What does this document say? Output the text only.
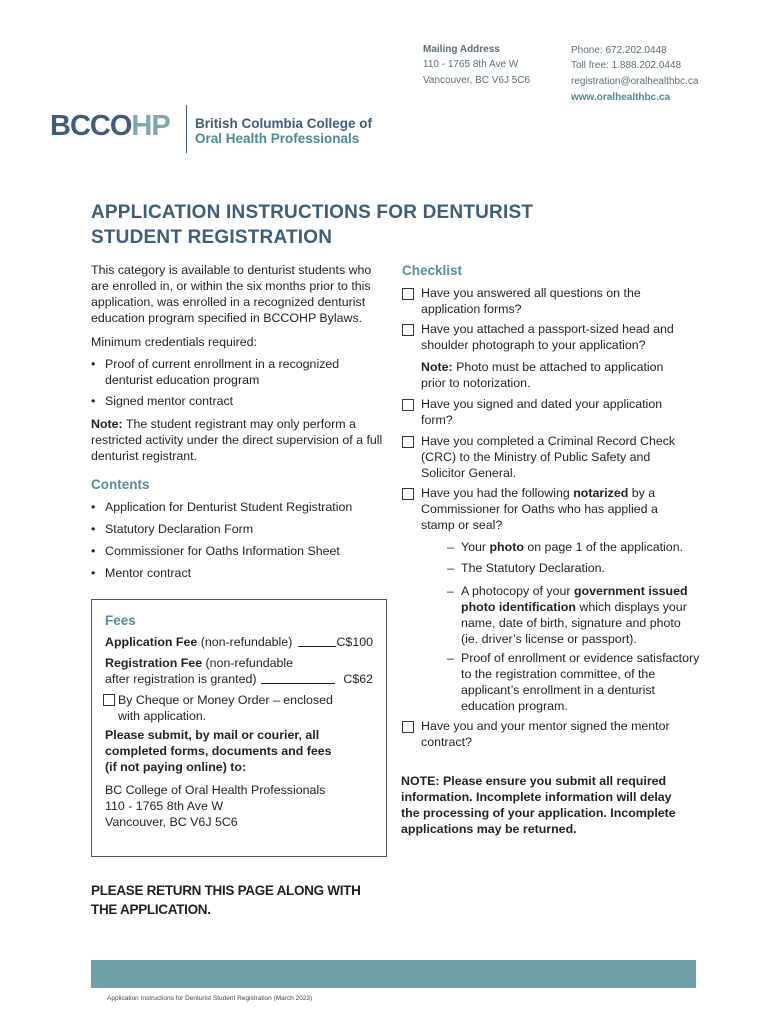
Mailing Address
110 - 1765 8th Ave W
Vancouver, BC V6J 5C6
Phone: 672.202.0448
Toll free: 1.888.202.0448
registration@oralhealthbc.ca
www.oralhealthbc.ca
BCCOHP British Columbia College of
Oral Health Professionals
APPLICATION INSTRUCTIONS FOR DENTURIST
STUDENT REGISTRATION
This category is available to denturist students who are enrolled in, or within the six months prior to this application, was enrolled in a recognized denturist education program specified in BCCOHP Bylaws.
Minimum credentials required:
• Proof of current enrollment in a recognized denturist education program
• Signed mentor contract
Note: The student registrant may only perform a restricted activity under the direct supervision of a full denturist registrant.
Contents
• Application for Denturist Student Registration
• Statutory Declaration Form
• Commissioner for Oaths Information Sheet
• Mentor contract
Fees
Application Fee (non-refundable)	C$100
Registration Fee (non-refundable
after registration is granted)	C$62
By Cheque or Money Order – enclosed
with application.
Please submit, by mail or courier, all
completed forms, documents and fees
(if not paying online) to:
BC College of Oral Health Professionals
110 - 1765 8th Ave W
Vancouver, BC V6J 5C6
PLEASE RETURN THIS PAGE ALONG WITH
THE APPLICATION.
Checklist
Have you answered all questions on the application forms?
Have you attached a passport-sized head and shoulder photograph to your application?
Note: Photo must be attached to application prior to notorization.
Have you signed and dated your application form?
Have you completed a Criminal Record Check (CRC) to the Ministry of Public Safety and Solicitor General.
Have you had the following notarized by a Commissioner for Oaths who has applied a stamp or seal?
– Your photo on page 1 of the application.
– The Statutory Declaration.
– A photocopy of your government issued photo identification which displays your name, date of birth, signature and photo (ie. driver’s license or passport).
– Proof of enrollment or evidence satisfactory to the registration committee, of the applicant’s enrollment in a denturist education program.
Have you and your mentor signed the mentor contract?
NOTE: Please ensure you submit all required information. Incomplete information will delay the processing of your application. Incomplete applications may be returned.
Application Instructions for Denturist Student Registration (March 2023)
